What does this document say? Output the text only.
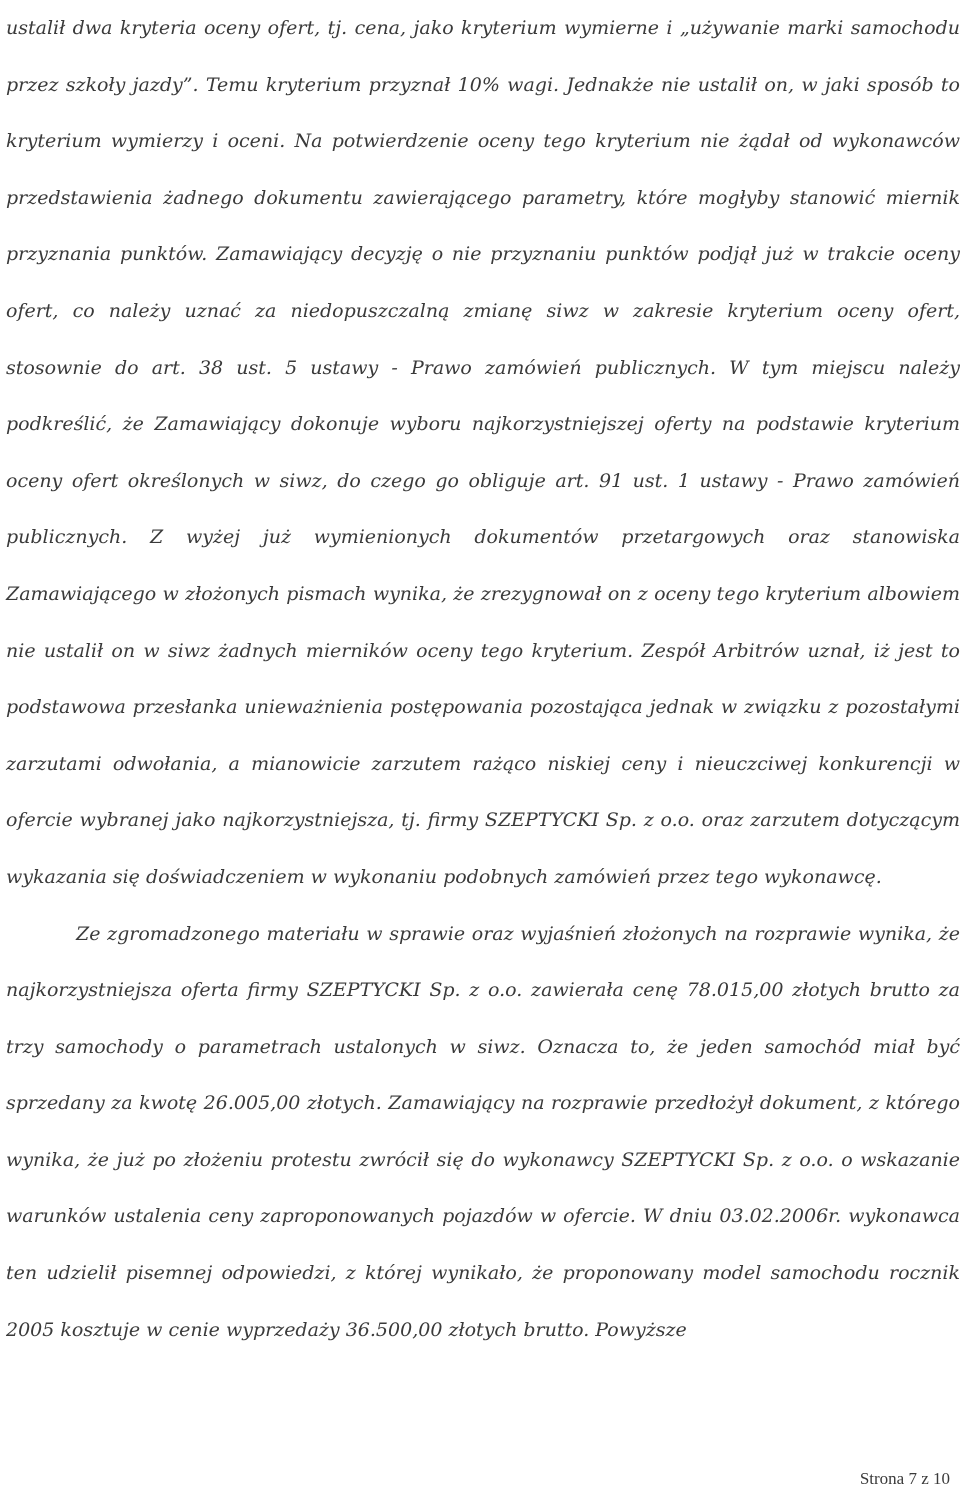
ustalił dwa kryteria oceny ofert, tj. cena, jako kryterium wymierne i „używanie marki samochodu przez szkoły jazdy”. Temu kryterium przyznał 10% wagi. Jednakże nie ustalił on, w jaki sposób to kryterium wymierzy i oceni. Na potwierdzenie oceny tego kryterium nie żądał od wykonawców przedstawienia żadnego dokumentu zawierającego parametry, które mogłyby stanowić miernik przyznania punktów. Zamawiający decyzję o nie przyznaniu punktów podjął już w trakcie oceny ofert, co należy uznać za niedopuszczalną zmianę siwz w zakresie kryterium oceny ofert, stosownie do art. 38 ust. 5 ustawy - Prawo zamówień publicznych. W tym miejscu należy podkreślić, że Zamawiający dokonuje wyboru najkorzystniejszej oferty na podstawie kryterium oceny ofert określonych w siwz, do czego go obliguje art. 91 ust. 1 ustawy - Prawo zamówień publicznych. Z wyżej już wymienionych dokumentów przetargowych oraz stanowiska Zamawiającego w złożonych pismach wynika, że zrezygnował on z oceny tego kryterium albowiem nie ustalił on w siwz żadnych mierników oceny tego kryterium. Zespół Arbitrów uznał, iż jest to podstawowa przesłanka unieważnienia postępowania pozostająca jednak w związku z pozostałymi zarzutami odwołania, a mianowicie zarzutem rażąco niskiej ceny i nieuczciwej konkurencji w ofercie wybranej jako najkorzystniejsza, tj. firmy SZEPTYCKI Sp. z o.o. oraz zarzutem dotyczącym wykazania się doświadczeniem w wykonaniu podobnych zamówień przez tego wykonawcę.

Ze zgromadzonego materiału w sprawie oraz wyjaśnień złożonych na rozprawie wynika, że najkorzystniejsza oferta firmy SZEPTYCKI Sp. z o.o. zawierała cenę 78.015,00 złotych brutto za trzy samochody o parametrach ustalonych w siwz. Oznacza to, że jeden samochód miał być sprzedany za kwotę 26.005,00 złotych. Zamawiający na rozprawie przedłożył dokument, z którego wynika, że już po złożeniu protestu zwrócił się do wykonawcy SZEPTYCKI Sp. z o.o. o wskazanie warunków ustalenia ceny zaproponowanych pojazdów w ofercie. W dniu 03.02.2006r. wykonawca ten udzielił pisemnej odpowiedzi, z której wynikało, że proponowany model samochodu rocznik 2005 kosztuje w cenie wyprzedaży 36.500,00 złotych brutto. Powyższe

Strona 7 z 10
